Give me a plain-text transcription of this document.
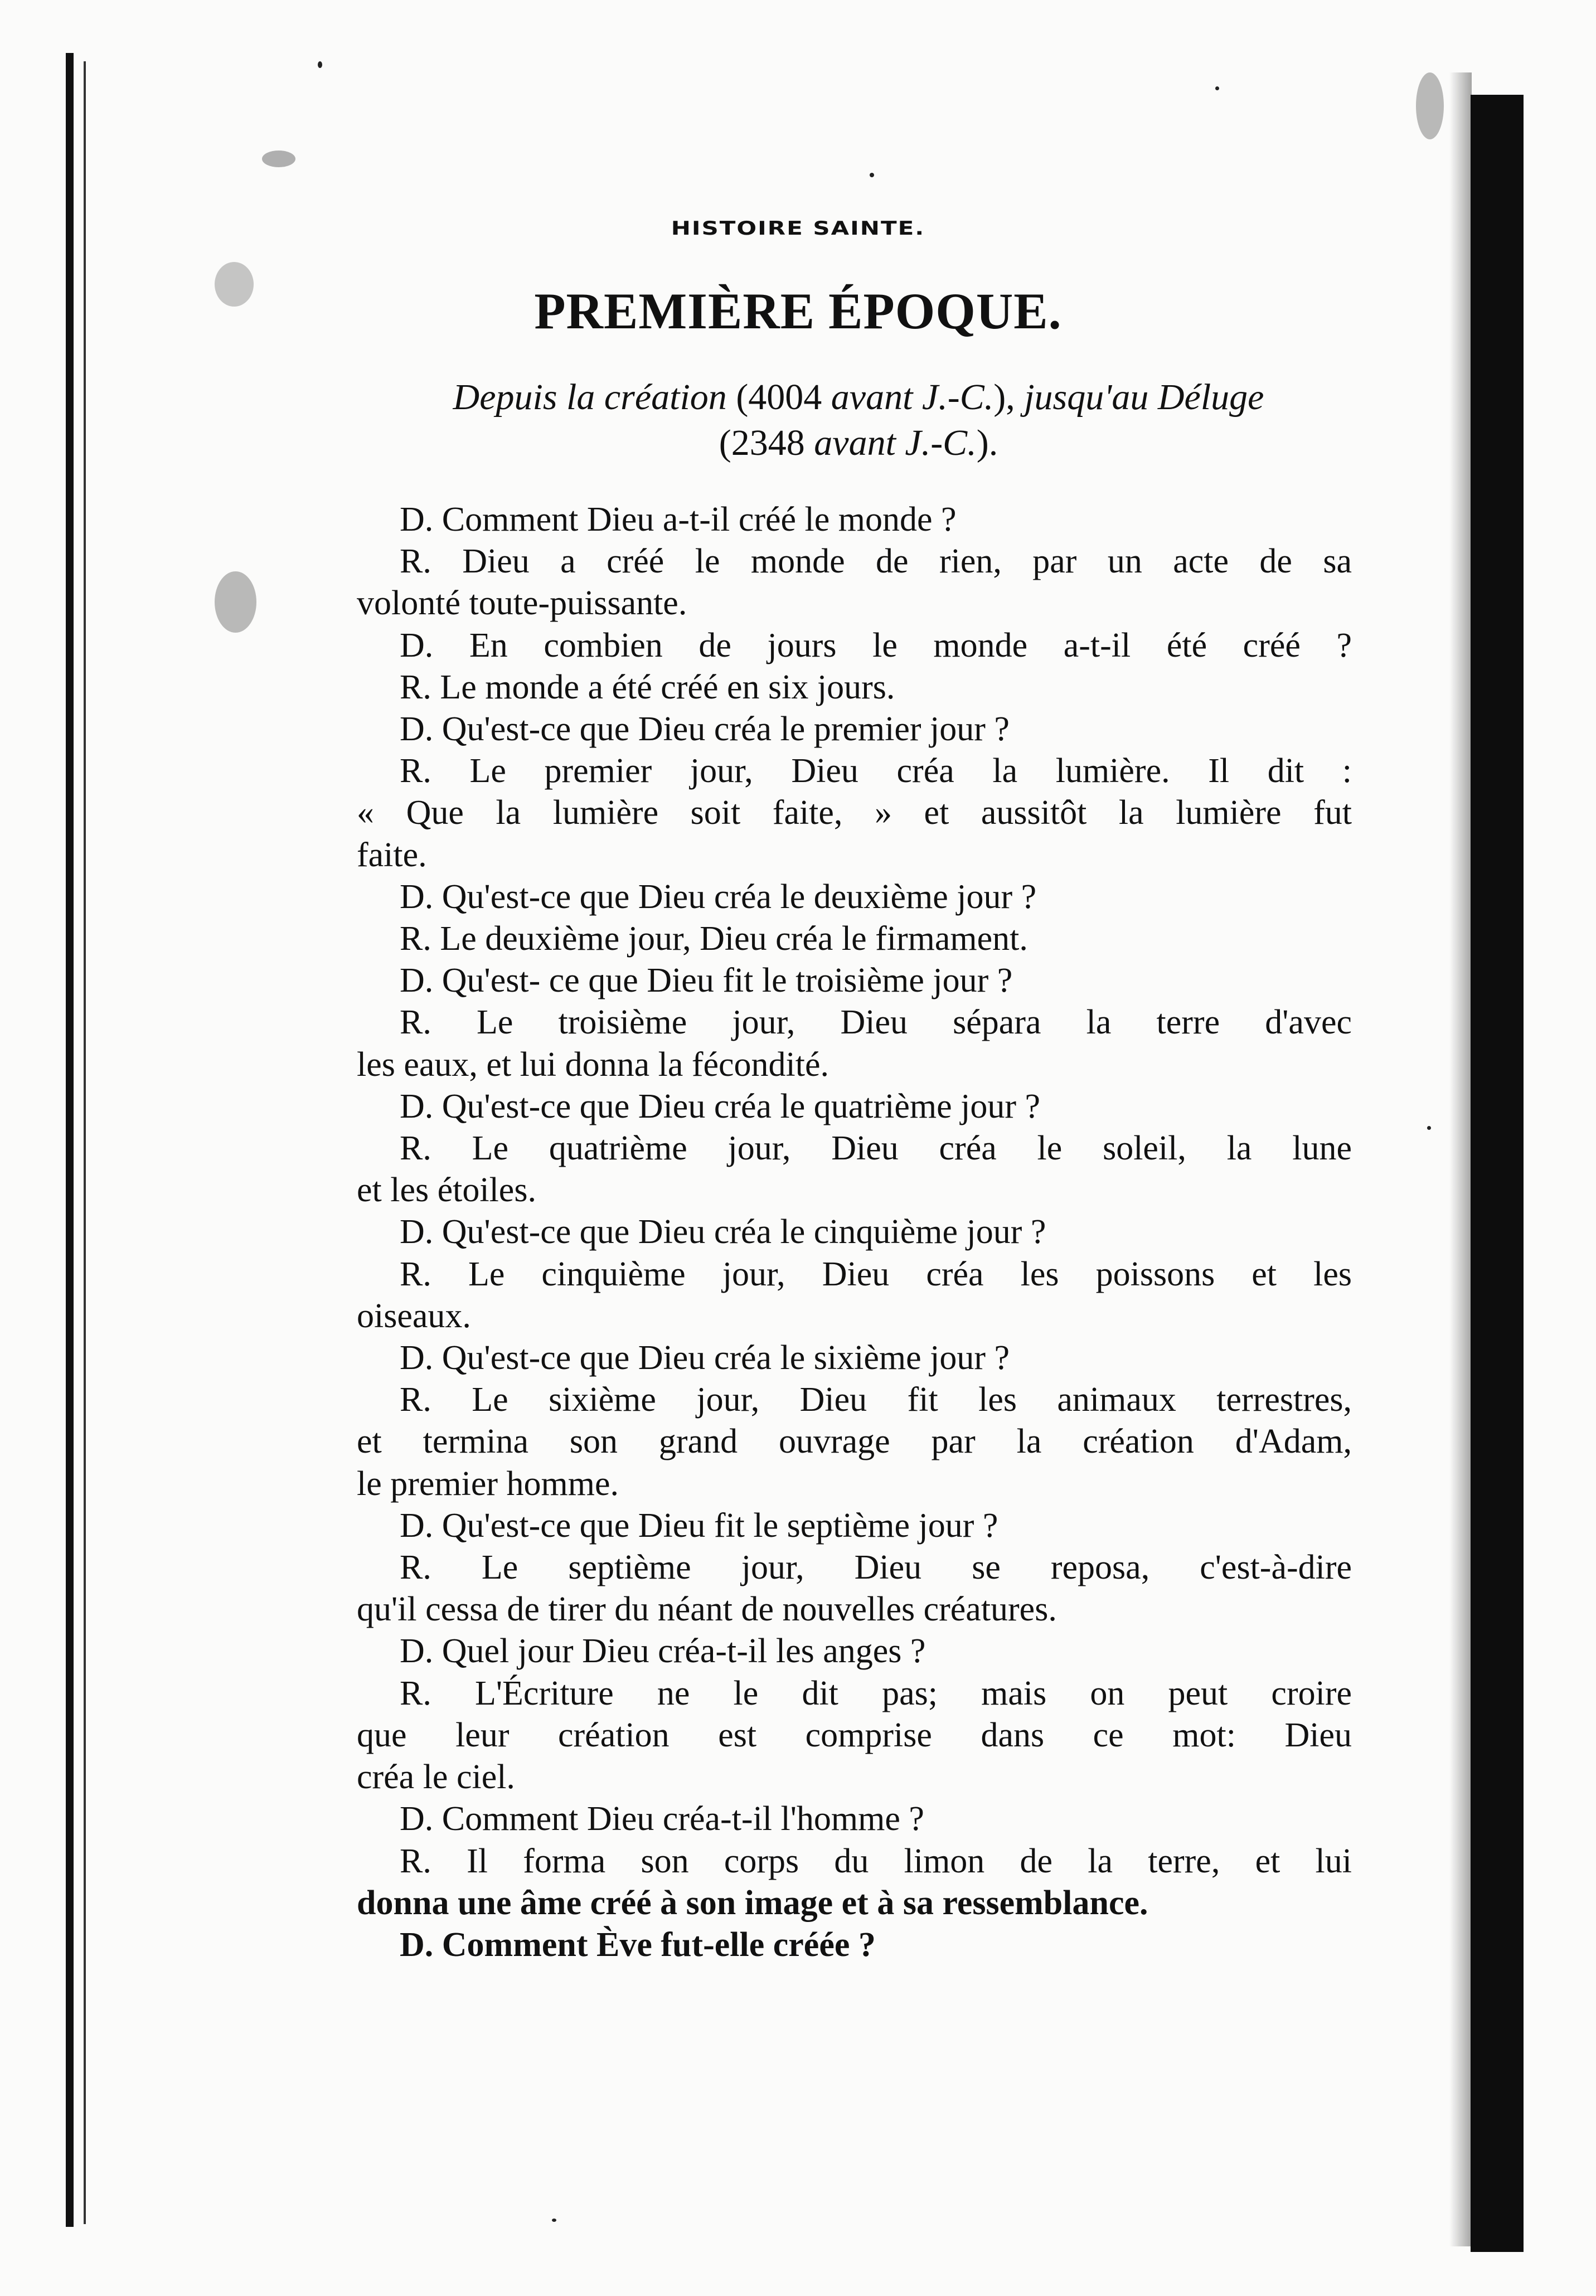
HISTOIRE SAINTE.
PREMIÈRE ÉPOQUE.
Depuis la création (4004 avant J.-C.), jusqu'au Déluge
(2348 avant J.-C.).
D. Comment Dieu a-t-il créé le monde ?
R. Dieu a créé le monde de rien, par un acte de sa
volonté toute-puissante.
D. En combien de jours le monde a-t-il été créé ?
R. Le monde a été créé en six jours.
D. Qu'est-ce que Dieu créa le premier jour ?
R. Le premier jour, Dieu créa la lumière. Il dit :
« Que la lumière soit faite, » et aussitôt la lumière fut
faite.
D. Qu'est-ce que Dieu créa le deuxième jour ?
R. Le deuxième jour, Dieu créa le firmament.
D. Qu'est- ce que Dieu fit le troisième jour ?
R. Le troisième jour, Dieu sépara la terre d'avec
les eaux, et lui donna la fécondité.
D. Qu'est-ce que Dieu créa le quatrième jour ?
R. Le quatrième jour, Dieu créa le soleil, la lune
et les étoiles.
D. Qu'est-ce que Dieu créa le cinquième jour ?
R. Le cinquième jour, Dieu créa les poissons et les
oiseaux.
D. Qu'est-ce que Dieu créa le sixième jour ?
R. Le sixième jour, Dieu fit les animaux terrestres,
et termina son grand ouvrage par la création d'Adam,
le premier homme.
D. Qu'est-ce que Dieu fit le septième jour ?
R. Le septième jour, Dieu se reposa, c'est-à-dire
qu'il cessa de tirer du néant de nouvelles créatures.
D. Quel jour Dieu créa-t-il les anges ?
R. L'Écriture ne le dit pas; mais on peut croire
que leur création est comprise dans ce mot: Dieu
créa le ciel.
D. Comment Dieu créa-t-il l'homme ?
R. Il forma son corps du limon de la terre, et lui
donna une âme créé à son image et à sa ressemblance.
D. Comment Ève fut-elle créée ?
